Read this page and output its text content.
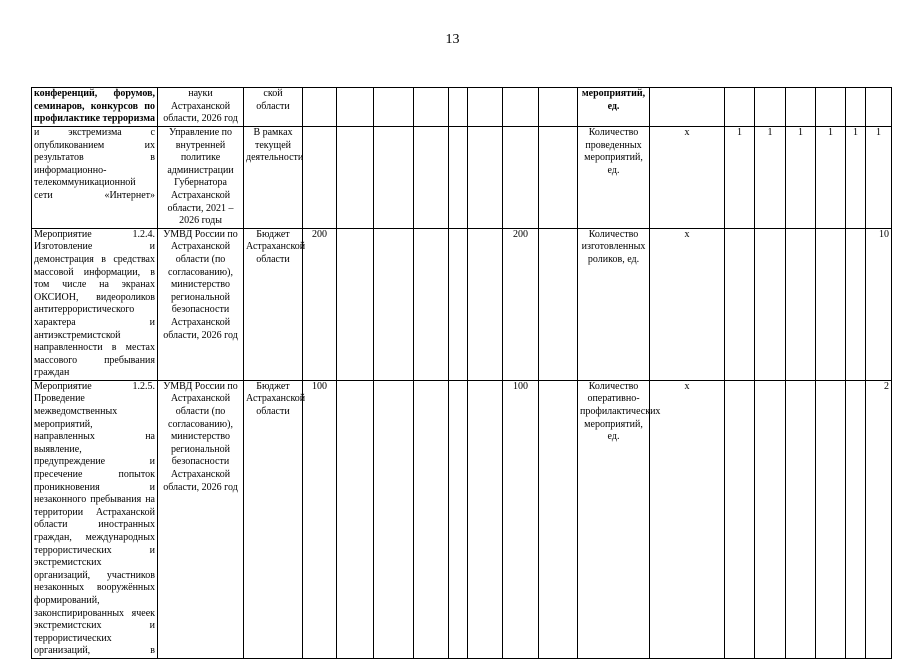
13
конференций, форумов, семинаров, конкурсов по профилактике терроризма	науки Астраханской области, 2026 год	ской области									мероприятий, ед.							
и экстремизма с опубликованием их результатов в информационно-телекоммуникационной сети «Интернет»	Управление по внутренней политике администрации Губернатора Астраханской области, 2021 – 2026 годы	В рамках текущей деятельности									Количество проведенных мероприятий, ед.	х	1	1	1	1	1	1
Мероприятие 1.2.4. Изготовление и демонстрация в средствах массовой информации, в том числе на экранах ОКСИОН, видеороликов антитеррористического характера и антиэкстремистской направленности в местах массового пребывания граждан	УМВД России по Астраханской области (по согласованию), министерство региональной безопасности Астраханской области, 2026 год	Бюджет Астраханской области	200						200		Количество изготовленных роликов, ед.	х						10
Мероприятие 1.2.5. Проведение межведомственных мероприятий, направленных на выявление, предупреждение и пресечение попыток проникновения и незаконного пребывания на территории Астраханской области иностранных граждан, международных террористических и экстремистских организаций, участников незаконных вооружённых формирований, законспирированных ячеек экстремистских и террористических организаций, в	УМВД России по Астраханской области (по согласованию), министерство региональной безопасности Астраханской области, 2026 год	Бюджет Астраханской области	100						100		Количество оперативно-профилактических мероприятий, ед.	х						2
